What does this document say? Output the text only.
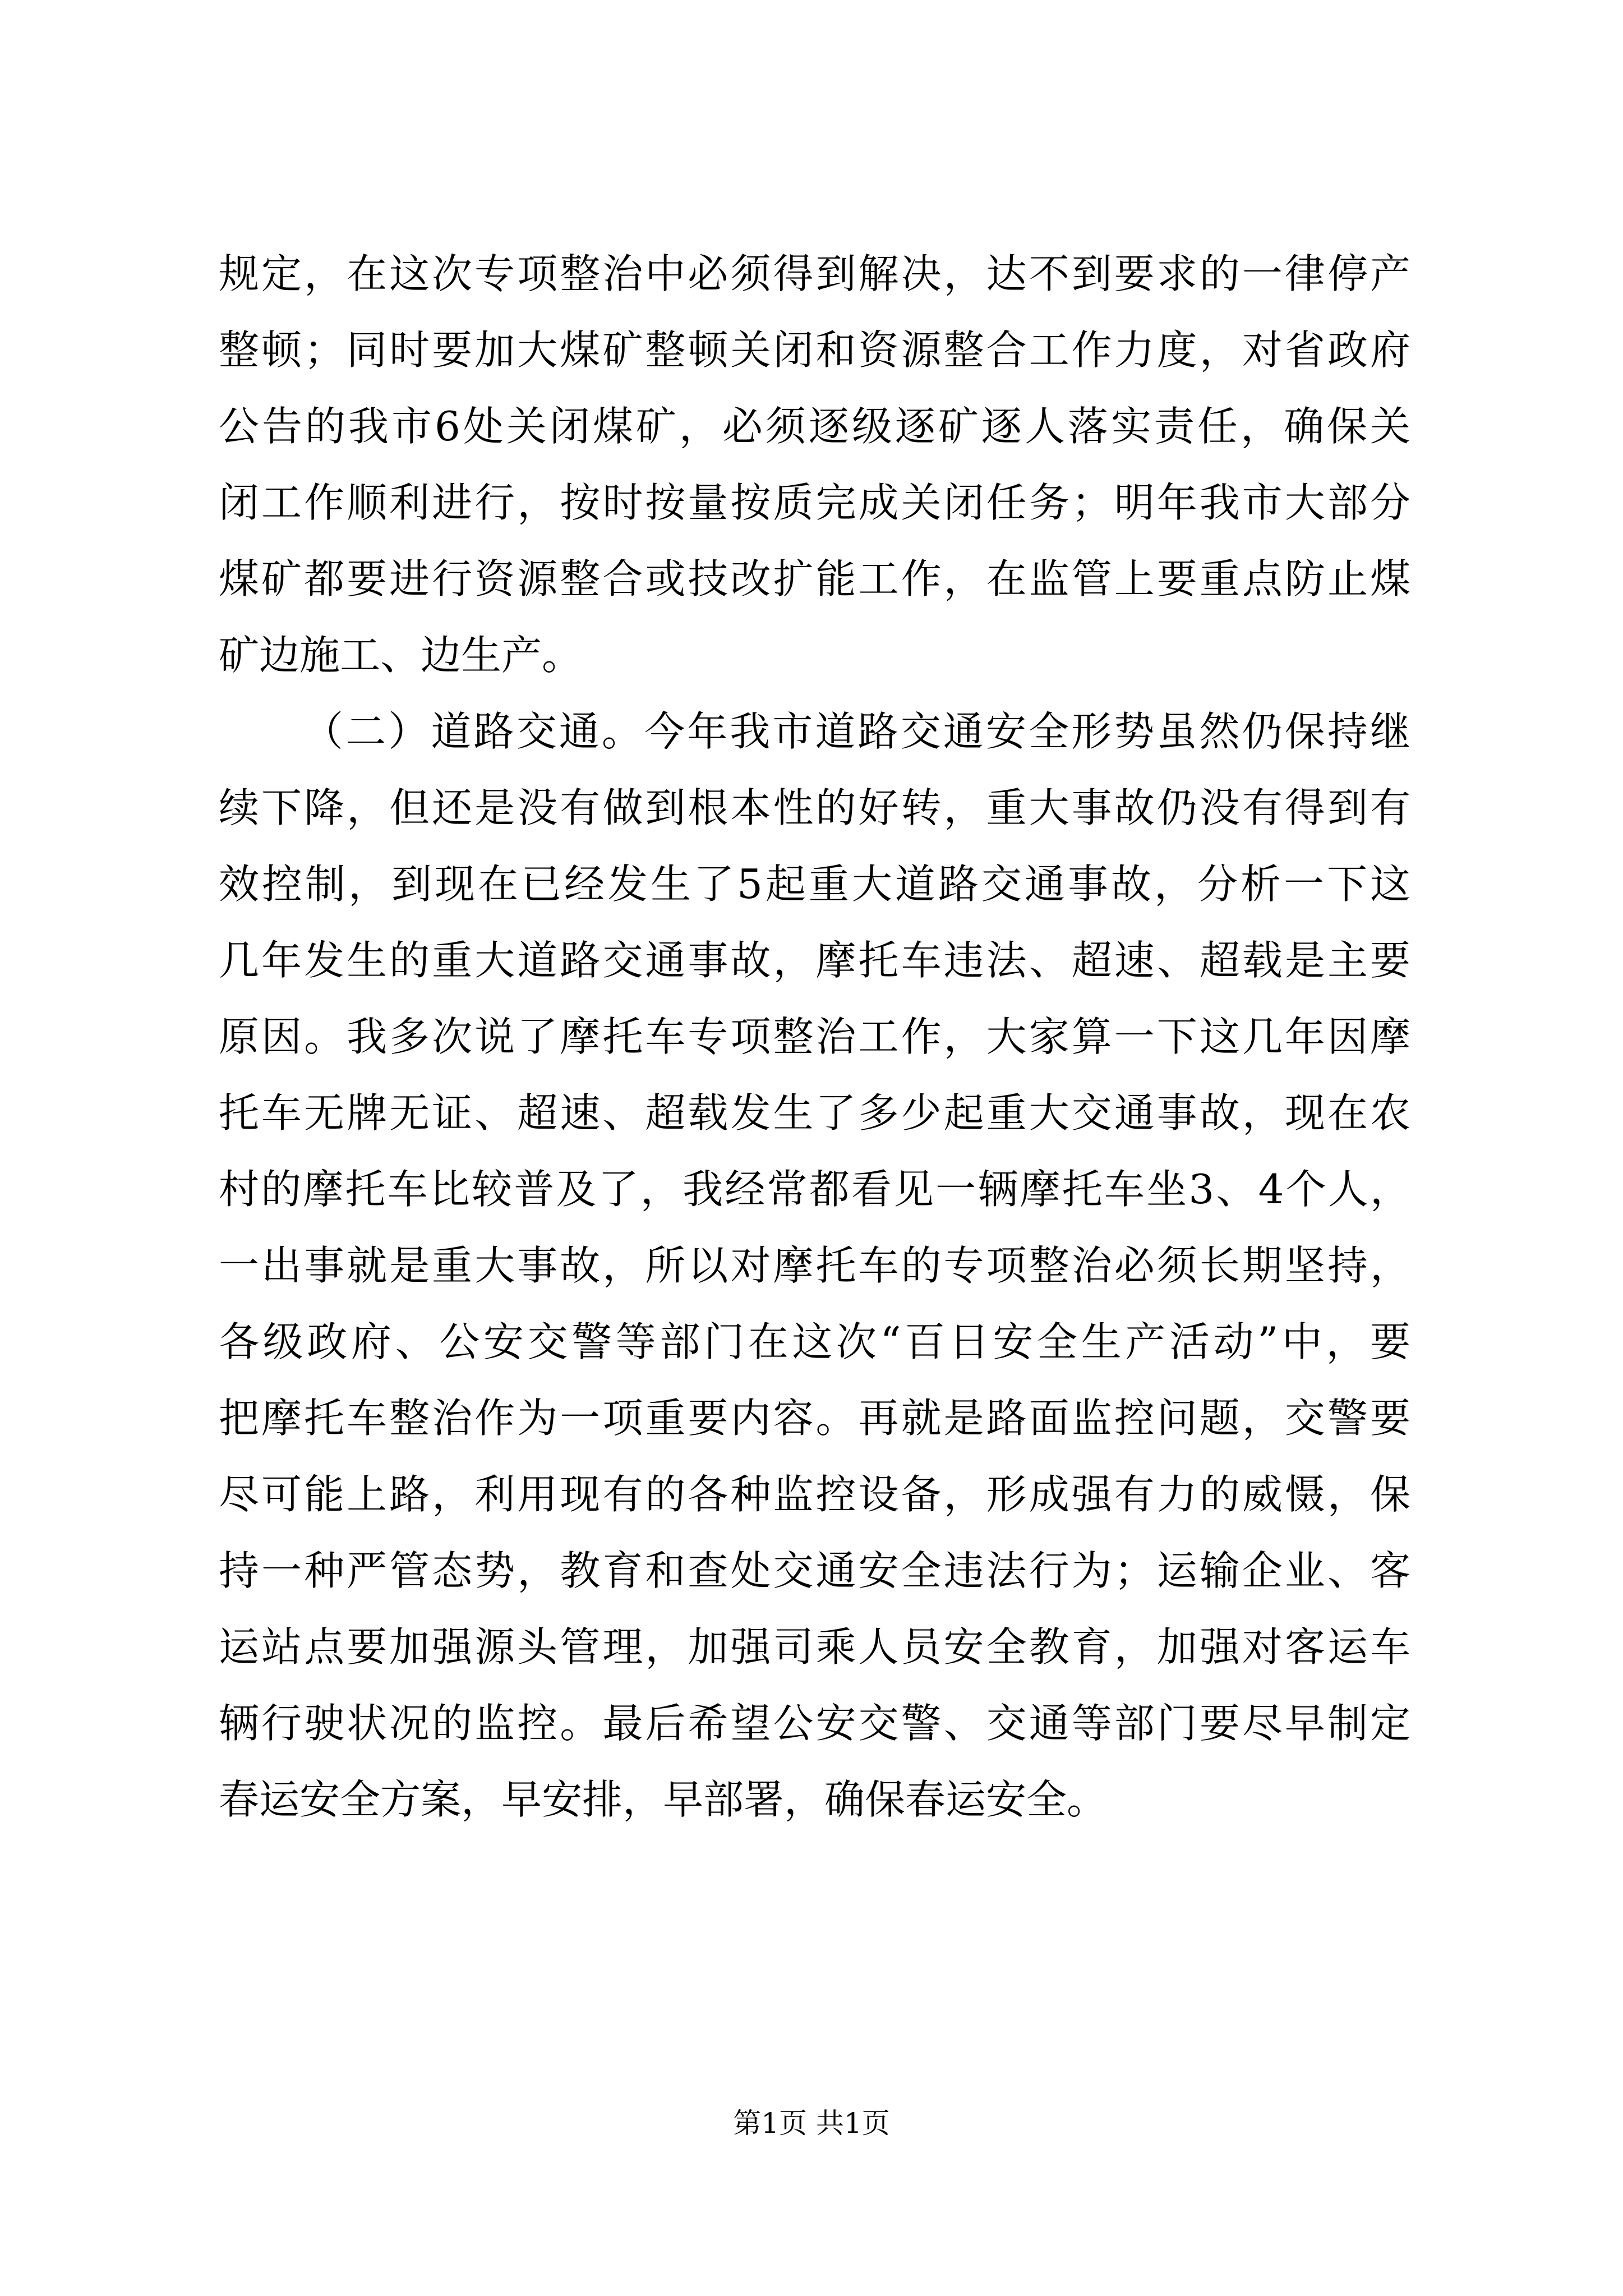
规定，在这次专项整治中必须得到解决，达不到要求的一律停产
整顿；同时要加大煤矿整顿关闭和资源整合工作力度，对省政府
公告的我市6处关闭煤矿，必须逐级逐矿逐人落实责任，确保关
闭工作顺利进行，按时按量按质完成关闭任务；明年我市大部分
煤矿都要进行资源整合或技改扩能工作，在监管上要重点防止煤
矿边施工、边生产。
（二）道路交通。今年我市道路交通安全形势虽然仍保持继
续下降，但还是没有做到根本性的好转，重大事故仍没有得到有
效控制，到现在已经发生了5起重大道路交通事故，分析一下这
几年发生的重大道路交通事故，摩托车违法、超速、超载是主要
原因。我多次说了摩托车专项整治工作，大家算一下这几年因摩
托车无牌无证、超速、超载发生了多少起重大交通事故，现在农
村的摩托车比较普及了，我经常都看见一辆摩托车坐3、4个人，
一出事就是重大事故，所以对摩托车的专项整治必须长期坚持，
各级政府、公安交警等部门在这次“百日安全生产活动”中，要
把摩托车整治作为一项重要内容。再就是路面监控问题，交警要
尽可能上路，利用现有的各种监控设备，形成强有力的威慑，保
持一种严管态势，教育和查处交通安全违法行为；运输企业、客
运站点要加强源头管理，加强司乘人员安全教育，加强对客运车
辆行驶状况的监控。最后希望公安交警、交通等部门要尽早制定
春运安全方案，早安排，早部署，确保春运安全。
第1页 共1页
